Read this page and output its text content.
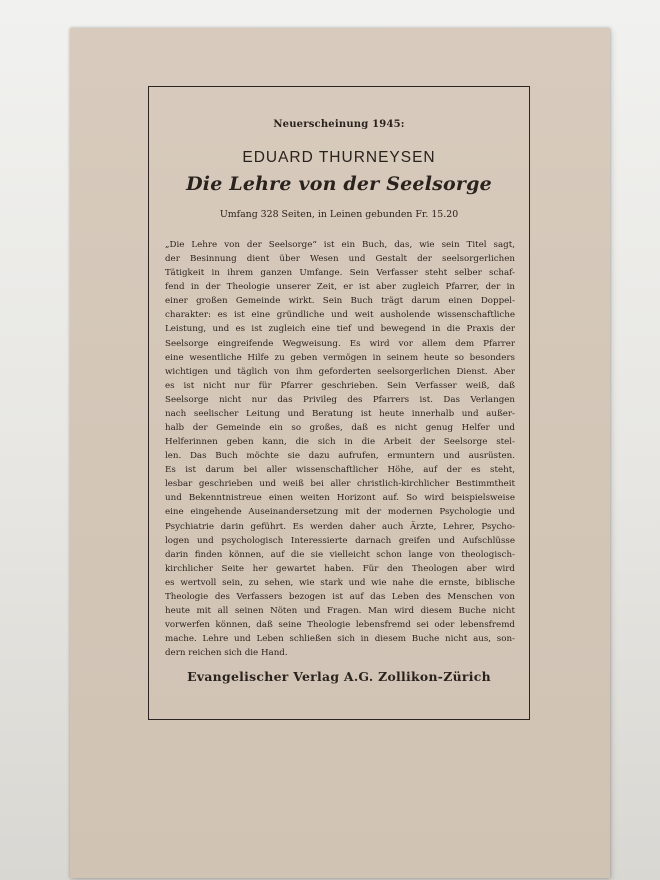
Neuerscheinung 1945:
EDUARD THURNEYSEN
Die Lehre von der Seelsorge
Umfang 328 Seiten, in Leinen gebunden Fr. 15.20
„Die Lehre von der Seelsorge“ ist ein Buch, das, wie sein Titel sagt,
der Besinnung dient über Wesen und Gestalt der seelsorgerlichen
Tätigkeit in ihrem ganzen Umfange. Sein Verfasser steht selber schaf-
fend in der Theologie unserer Zeit, er ist aber zugleich Pfarrer, der in
einer großen Gemeinde wirkt. Sein Buch trägt darum einen Doppel-
charakter: es ist eine gründliche und weit ausholende wissenschaftliche
Leistung, und es ist zugleich eine tief und bewegend in die Praxis der
Seelsorge eingreifende Wegweisung. Es wird vor allem dem Pfarrer
eine wesentliche Hilfe zu geben vermögen in seinem heute so besonders
wichtigen und täglich von ihm geforderten seelsorgerlichen Dienst. Aber
es ist nicht nur für Pfarrer geschrieben. Sein Verfasser weiß, daß
Seelsorge nicht nur das Privileg des Pfarrers ist. Das Verlangen
nach seelischer Leitung und Beratung ist heute innerhalb und außer-
halb der Gemeinde ein so großes, daß es nicht genug Helfer und
Helferinnen geben kann, die sich in die Arbeit der Seelsorge stel-
len. Das Buch möchte sie dazu aufrufen, ermuntern und ausrüsten.
Es ist darum bei aller wissenschaftlicher Höhe, auf der es steht,
lesbar geschrieben und weiß bei aller christlich-kirchlicher Bestimmtheit
und Bekenntnistreue einen weiten Horizont auf. So wird beispielsweise
eine eingehende Auseinandersetzung mit der modernen Psychologie und
Psychiatrie darin geführt. Es werden daher auch Ärzte, Lehrer, Psycho-
logen und psychologisch Interessierte darnach greifen und Aufschlüsse
darin finden können, auf die sie vielleicht schon lange von theologisch-
kirchlicher Seite her gewartet haben. Für den Theologen aber wird
es wertvoll sein, zu sehen, wie stark und wie nahe die ernste, biblische
Theologie des Verfassers bezogen ist auf das Leben des Menschen von
heute mit all seinen Nöten und Fragen. Man wird diesem Buche nicht
vorwerfen können, daß seine Theologie lebensfremd sei oder lebensfremd
mache. Lehre und Leben schließen sich in diesem Buche nicht aus, son-
dern reichen sich die Hand.
Evangelischer Verlag A.G. Zollikon-Zürich
